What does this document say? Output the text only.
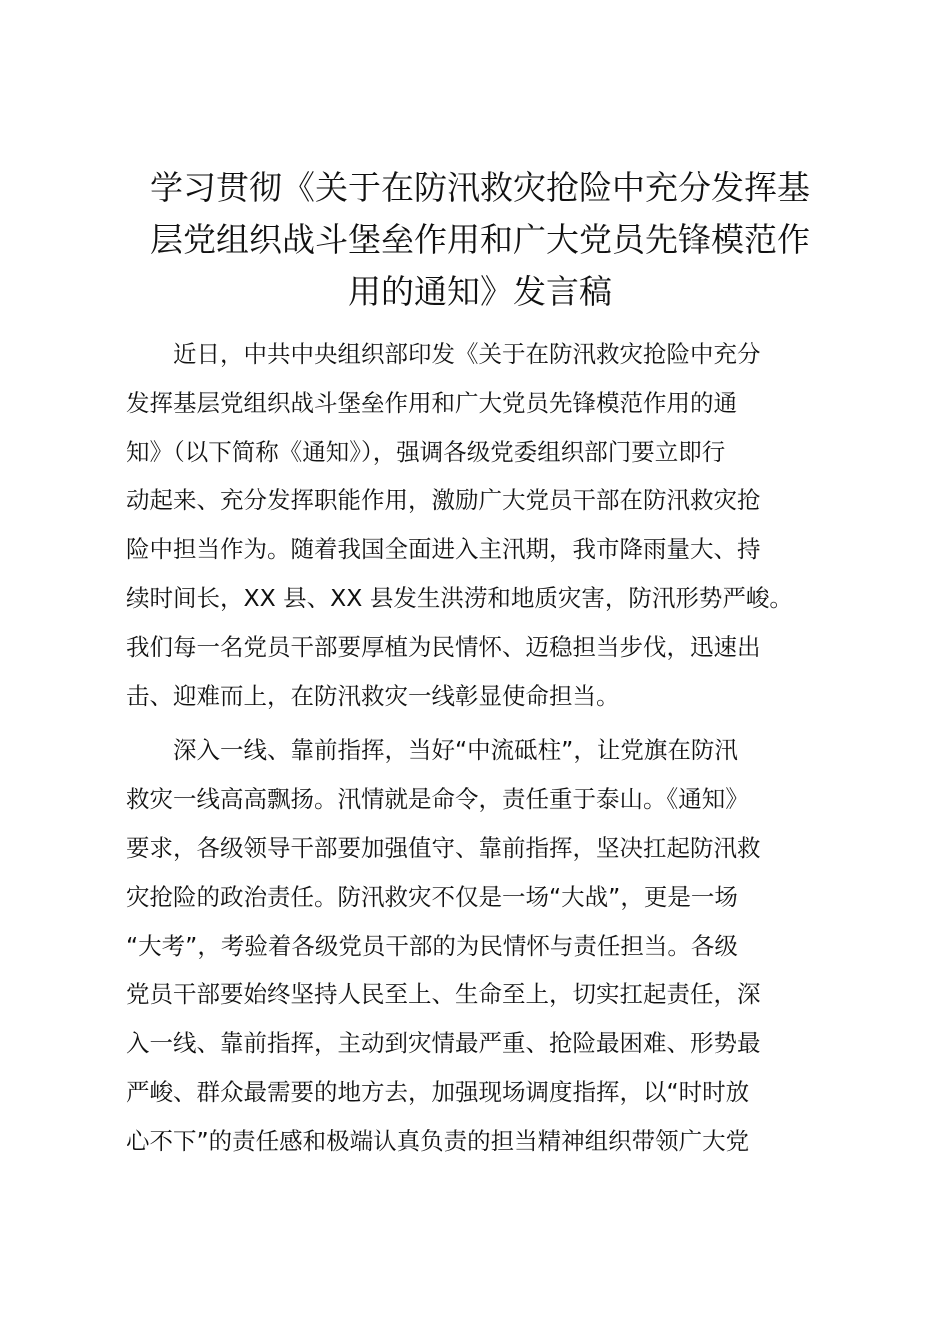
学习贯彻《关于在防汛救灾抢险中充分发挥基
层党组织战斗堡垒作用和广大党员先锋模范作
用的通知》发言稿

近日，中共中央组织部印发《关于在防汛救灾抢险中充分
发挥基层党组织战斗堡垒作用和广大党员先锋模范作用的通
知》（以下简称《通知》），强调各级党委组织部门要立即行
动起来、充分发挥职能作用，激励广大党员干部在防汛救灾抢
险中担当作为。随着我国全面进入主汛期，我市降雨量大、持
续时间长，XX 县、XX 县发生洪涝和地质灾害，防汛形势严峻。
我们每一名党员干部要厚植为民情怀、迈稳担当步伐，迅速出
击、迎难而上，在防汛救灾一线彰显使命担当。

深入一线、靠前指挥，当好“中流砥柱”，让党旗在防汛
救灾一线高高飘扬。汛情就是命令，责任重于泰山。《通知》
要求，各级领导干部要加强值守、靠前指挥，坚决扛起防汛救
灾抢险的政治责任。防汛救灾不仅是一场“大战”，更是一场
“大考”，考验着各级党员干部的为民情怀与责任担当。各级
党员干部要始终坚持人民至上、生命至上，切实扛起责任，深
入一线、靠前指挥，主动到灾情最严重、抢险最困难、形势最
严峻、群众最需要的地方去，加强现场调度指挥，以“时时放
心不下”的责任感和极端认真负责的担当精神组织带领广大党
